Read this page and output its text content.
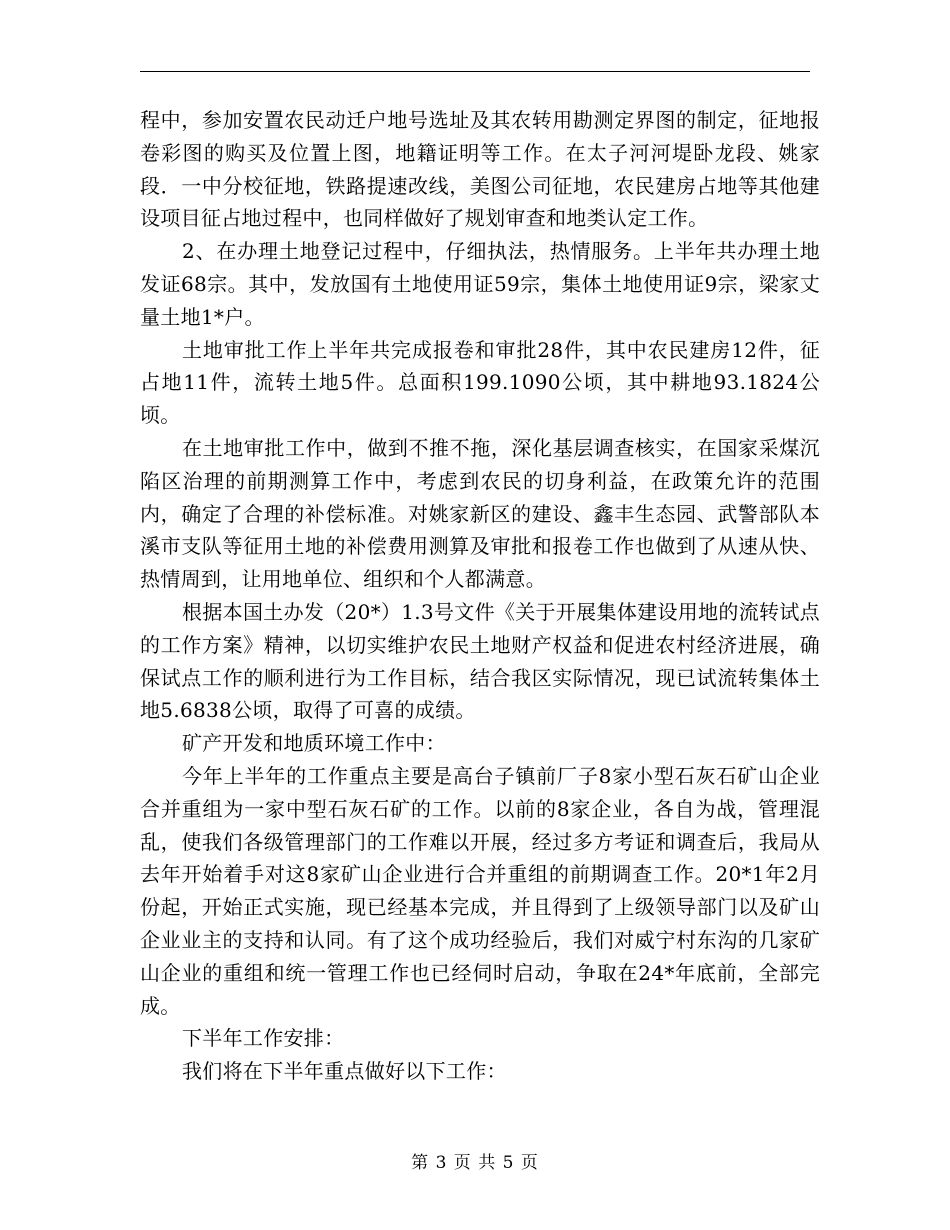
程中，参加安置农民动迁户地号选址及其农转用勘测定界图的制定，征地报卷彩图的购买及位置上图，地籍证明等工作。在太子河河堤卧龙段、姚家段．一中分校征地，铁路提速改线，美图公司征地，农民建房占地等其他建设项目征占地过程中，也同样做好了规划审查和地类认定工作。

2、在办理土地登记过程中，仔细执法，热情服务。上半年共办理土地发证68宗。其中，发放国有土地使用证59宗，集体土地使用证9宗，梁家丈量土地1*户。

土地审批工作上半年共完成报卷和审批28件，其中农民建房12件，征占地11件，流转土地5件。总面积199.1090公顷，其中耕地93.1824公顷。

在土地审批工作中，做到不推不拖，深化基层调查核实，在国家采煤沉陷区治理的前期测算工作中，考虑到农民的切身利益，在政策允许的范围内，确定了合理的补偿标准。对姚家新区的建设、鑫丰生态园、武警部队本溪市支队等征用土地的补偿费用测算及审批和报卷工作也做到了从速从快、热情周到，让用地单位、组织和个人都满意。

根据本国土办发（20*）1.3号文件《关于开展集体建设用地的流转试点的工作方案》精神，以切实维护农民土地财产权益和促进农村经济进展，确保试点工作的顺利进行为工作目标，结合我区实际情况，现已试流转集体土地5.6838公顷，取得了可喜的成绩。

矿产开发和地质环境工作中：

今年上半年的工作重点主要是高台子镇前厂子8家小型石灰石矿山企业合并重组为一家中型石灰石矿的工作。以前的8家企业，各自为战，管理混乱，使我们各级管理部门的工作难以开展，经过多方考证和调查后，我局从去年开始着手对这8家矿山企业进行合并重组的前期调查工作。20*1年2月份起，开始正式实施，现已经基本完成，并且得到了上级领导部门以及矿山企业业主的支持和认同。有了这个成功经验后，我们对威宁村东沟的几家矿山企业的重组和统一管理工作也已经伺时启动，争取在24*年底前，全部完成。

下半年工作安排：

我们将在下半年重点做好以下工作：

第 3 页 共 5 页
